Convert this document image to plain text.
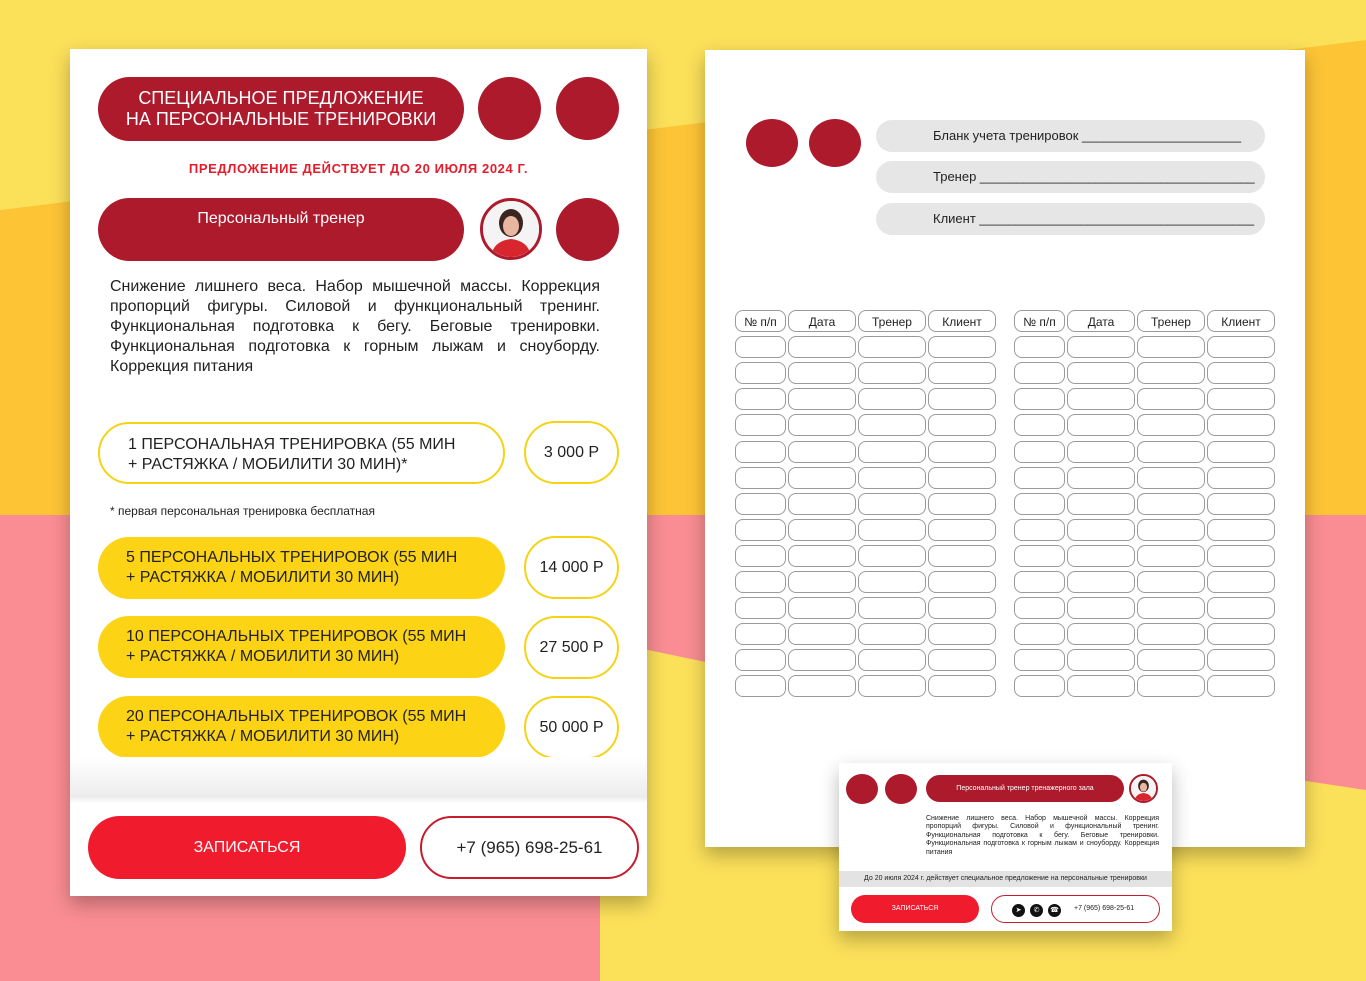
СПЕЦИАЛЬНОЕ ПРЕДЛОЖЕНИЕ
НА ПЕРСОНАЛЬНЫЕ ТРЕНИРОВКИ
ПРЕДЛОЖЕНИЕ ДЕЙСТВУЕТ ДО 20 ИЮЛЯ 2024 Г.
Персональный тренер
Снижение лишнего веса. Набор мышечной массы. Коррекция пропорций фигуры. Силовой и функциональный тренинг. Функциональная подготовка к бегу. Беговые тренировки. Функциональная подготовка к горным лыжам и сноуборду. Коррекция питания
1 ПЕРСОНАЛЬНАЯ ТРЕНИРОВКА (55 МИН
+ РАСТЯЖКА / МОБИЛИТИ 30 МИН)*
3 000 Р
* первая персональная тренировка бесплатная
5 ПЕРСОНАЛЬНЫХ ТРЕНИРОВОК (55 МИН
+ РАСТЯЖКА / МОБИЛИТИ 30 МИН)
14 000 Р
10 ПЕРСОНАЛЬНЫХ ТРЕНИРОВОК (55 МИН
+ РАСТЯЖКА / МОБИЛИТИ 30 МИН)
27 500 Р
20 ПЕРСОНАЛЬНЫХ ТРЕНИРОВОК (55 МИН
+ РАСТЯЖКА / МОБИЛИТИ 30 МИН)
50 000 Р
ЗАПИСАТЬСЯ	+7 (965) 698-25-61
Бланк учета тренировок ______________________
Тренер ______________________________________
Клиент ______________________________________
№ п/п	Дата	Тренер	Клиент	№ п/п	Дата	Тренер	Клиент
Персональный тренер тренажерного зала
Снижение лишнего веса. Набор мышечной массы. Коррекция пропорций фигуры. Силовой и функциональный тренинг. Функциональная подготовка к бегу. Беговые тренировки. Функциональная подготовка к горным лыжам и сноуборду. Коррекция питания
До 20 июля 2024 г. действует специальное предложение на персональные тренировки
ЗАПИСАТЬСЯ	➤	✆	☎	+7 (965) 698-25-61
